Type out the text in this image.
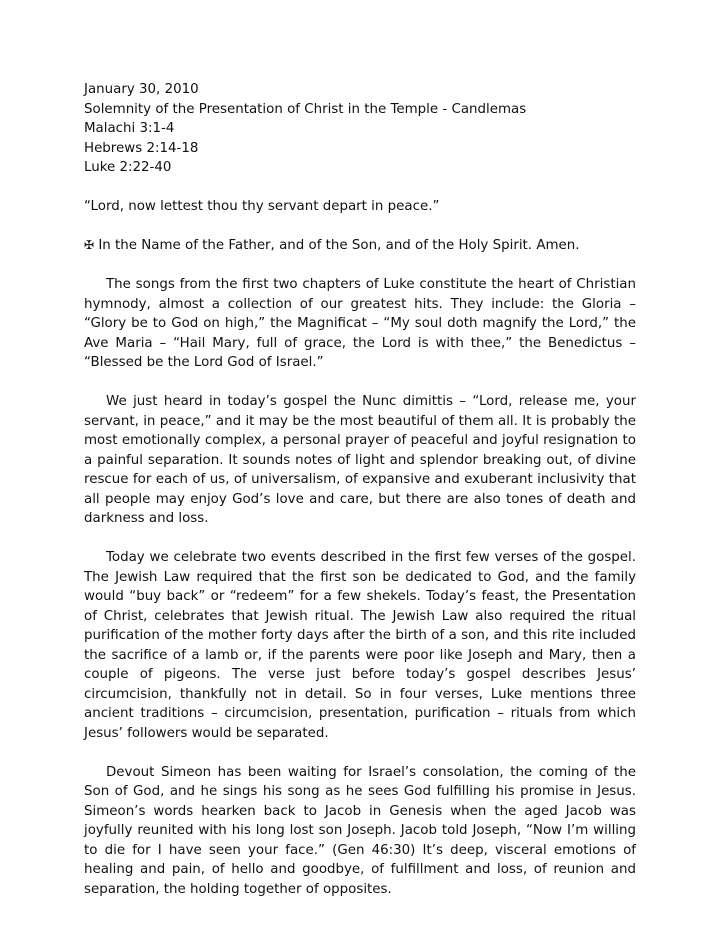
January 30, 2010

Solemnity of the Presentation of Christ in the Temple - Candlemas

Malachi 3:1-4

Hebrews 2:14-18

Luke 2:22-40

“Lord, now lettest thou thy servant depart in peace.”

✠ In the Name of the Father, and of the Son, and of the Holy Spirit. Amen.

The songs from the first two chapters of Luke constitute the heart of Christian hymnody, almost a collection of our greatest hits. They include: the Gloria – “Glory be to God on high,” the Magnificat – “My soul doth magnify the Lord,” the Ave Maria – “Hail Mary, full of grace, the Lord is with thee,” the Benedictus – “Blessed be the Lord God of Israel.”

We just heard in today’s gospel the Nunc dimittis – “Lord, release me, your servant, in peace,” and it may be the most beautiful of them all. It is probably the most emotionally complex, a personal prayer of peaceful and joyful resignation to a painful separation. It sounds notes of light and splendor breaking out, of divine rescue for each of us, of universalism, of expansive and exuberant inclusivity that all people may enjoy God’s love and care, but there are also tones of death and darkness and loss.

Today we celebrate two events described in the first few verses of the gospel. The Jewish Law required that the first son be dedicated to God, and the family would “buy back” or “redeem” for a few shekels. Today’s feast, the Presentation of Christ, celebrates that Jewish ritual. The Jewish Law also required the ritual purification of the mother forty days after the birth of a son, and this rite included the sacrifice of a lamb or, if the parents were poor like Joseph and Mary, then a couple of pigeons. The verse just before today’s gospel describes Jesus’ circumcision, thankfully not in detail. So in four verses, Luke mentions three ancient traditions – circumcision, presentation, purification – rituals from which Jesus’ followers would be separated.

Devout Simeon has been waiting for Israel’s consolation, the coming of the Son of God, and he sings his song as he sees God fulfilling his promise in Jesus. Simeon’s words hearken back to Jacob in Genesis when the aged Jacob was joyfully reunited with his long lost son Joseph. Jacob told Joseph, “Now I’m willing to die for I have seen your face.” (Gen 46:30) It’s deep, visceral emotions of healing and pain, of hello and goodbye, of fulfillment and loss, of reunion and separation, the holding together of opposites.
